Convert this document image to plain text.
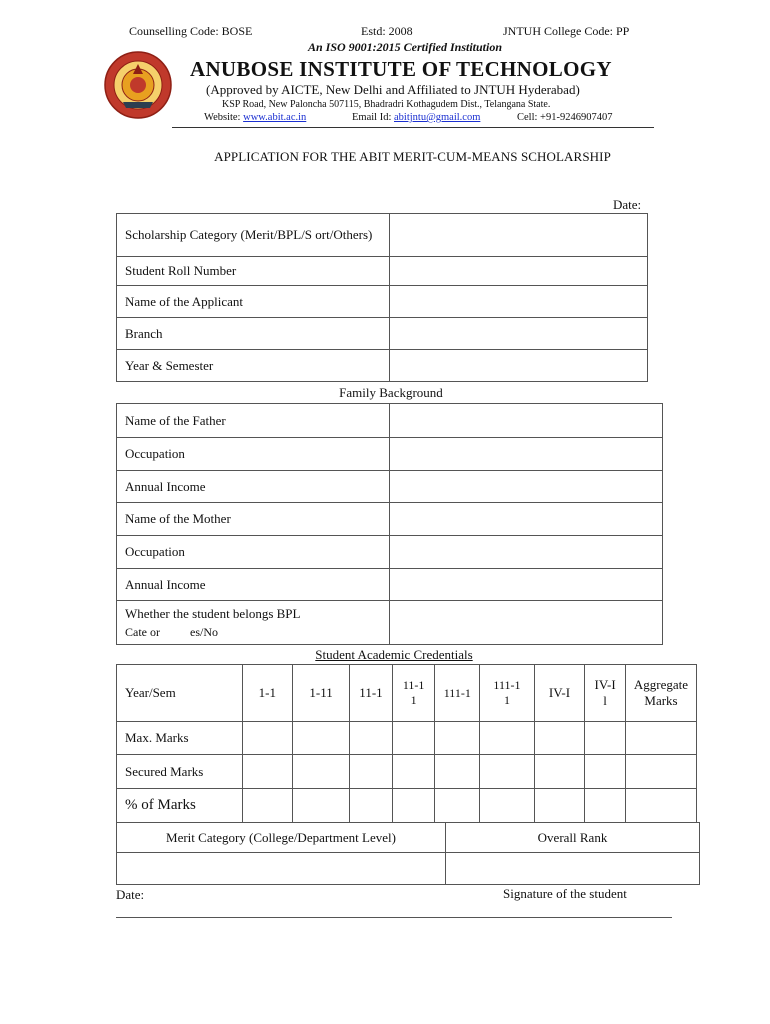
Counselling Code: BOSE	Estd: 2008	JNTUH College Code: PP
An ISO 9001:2015 Certified Institution
ANUBOSE INSTITUTE OF TECHNOLOGY
(Approved by AICTE, New Delhi and Affiliated to JNTUH Hyderabad)
KSP Road, New Paloncha 507115, Bhadradri Kothagudem Dist., Telangana State.
Website: www.abit.ac.in	Email Id: abitjntu@gmail.com	Cell: +91-9246907407
APPLICATION FOR THE ABIT MERIT-CUM-MEANS SCHOLARSHIP
Date:
Scholarship Category (Merit/BPL/S ort/Others)	
Student Roll Number	
Name of the Applicant	
Branch	
Year & Semester	
Family Background
Name of the Father	
Occupation	
Annual Income	
Name of the Mother	
Occupation	
Annual Income	

Whether the student belongs BPL
Cate or          es/No	

Student Academic Credentials
Year/Sem	1-1	1-11	11-1	11-11	111-1	111-11	IV-I	IV-Il	Aggregate Marks

Max. Marks									
Secured Marks									
% of Marks									
Merit Category (College/Department Level)	Overall Rank

Date:	Signature of the student
